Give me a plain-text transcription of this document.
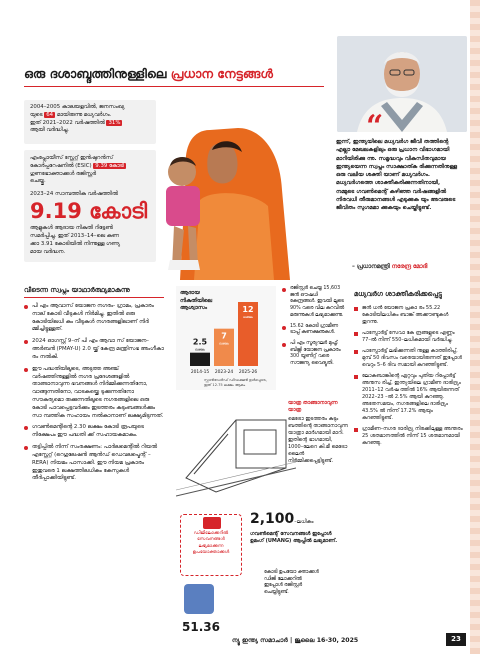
ഒരു ദശാബ്ദത്തിനുള്ളിലെ പ്രധാന നേട്ടങ്ങൾ
2004–2005 കാലയളവിൽ, ജനസംഖ്യ
യുടെ 64 മായിരുന്നു മധ്യവർഗം.
ഇത് 2021–2022 വർഷത്തിൽ 31%
ആയി വർദ്ധിച്ചു.
എംപ്ലോയീസ് സ്റ്റേറ്റ് ഇൻഷുറൻസ്
കോർപ്പറേഷനിൽ (ESIC) 9.39 കോടി
ഗുണഭോക്താക്കൾ രജിസ്റ്റർ
ചെയ്തു.
2023–24 സാമ്പത്തിക വർഷത്തിൽ
9.19 കോടി
ആളുകൾ ആദായ നികുതി റിട്ടേൺ
സമർപ്പിച്ചു. ഇത് 2013–14–ലെ കണ
ക്കാ 3.91 കോടിയിൽ നിന്നുള്ള ഗണ്യ
മായ വർദ്ധന.
“
ഇന്ന്, ഇന്ത്യയിലെ മധ്യവർഗ ജീവി തത്തിന്റെ എല്ലാ മേഖലകളിലും ഒരു പ്രധാന വിഭാഗമായി മാറിയിരിക്കു ന്നു. സമൃദ്ധവും വികസിതവുമായ ഇന്ത്യയെന്ന സ്വപ്നം സാക്ഷാത്ക രിക്കുന്നതിനുള്ള ഒരു വലിയ ശക്തി യാണ് മധ്യവർഗം. മധ്യവർഗത്തെ ശാക്തീകരിക്കുന്നതിനായി, നമ്മുടെ ഗവൺമെന്റ് കഴിഞ്ഞ വർഷങ്ങളിൽ നിരവധി തീരുമാനങ്ങൾ എടുക്കുക യും അവരുടെ ജീവിതം സുഗമമാ ക്കുകയും ചെയ്തിട്ടുണ്ട്.
– പ്രധാനമന്ത്രി നരേന്ദ്ര മോദി
വീടെന്ന സ്വപ്നം യാഥാർത്ഥ്യമാകുന്നു
പി എം ആവാസ് യോജന നഗരം- ഗ്രാമം, പ്രകാരം നാല് കോടി വീടുകൾ നിർമിച്ചു. ഇതിൽ ഒരു കോടിയിലധി കം വീടുകൾ നഗരങ്ങളിലാണ് നിർ മ്മിച്ചിട്ടുള്ളത്.
2024 ഓഗസ്റ്റ് 9–ന് പി എം ആവാ സ് യോജന–അർബൻ (PMAY-U) 2.0 യ്ക്ക് കേന്ദ്ര മന്ത്രിസഭ അംഗീകാ രം നൽകി.
ഈ പദ്ധതിയിലൂടെ, അടുത്ത അഞ്ച് വർഷത്തിനുള്ളിൽ നഗര പ്രദേശങ്ങളിൽ താങ്ങാനാവുന്ന ഭവനങ്ങൾ നിർമ്മിക്കുന്നതിനോ, വാങ്ങുന്നതിനോ, വാടകയ്ക്കെ ടുക്കുന്നതിനോ സൗകര്യമൊ രുക്കുന്നതിലൂടെ നഗരങ്ങളിലെ ഒരു കോടി പാവപ്പെട്ടവർക്കും ഇടത്തരം കുടുംബങ്ങൾക്കും സാ മ്പത്തിക സഹായം നൽകാനാണ് ലക്ഷ്യമിടുന്നത്.
ഗവൺമെന്റിന്റെ 2.30 ലക്ഷം കോടി രൂപയുടെ നിക്ഷേപം ഈ പദ്ധതി ക്ക് സഹായകമാകും.
തട്ടിപ്പിൽ നിന്ന് സംരക്ഷണം: പാർലമെന്റിൽ റിയൽ എസ്റ്റേറ്റ് (റെഗുലേഷൻ ആൻഡ് ഡെവലപ്മെന്റ് – RERA) നിയമം പാസാക്കി. ഈ നിയമ പ്രകാരം ഇതുവരെ 1 ലക്ഷത്തിലധികം കേസുകൾ തീർപ്പാക്കിയിട്ടുണ്ട്.
ആദായ നികുതിയിലെ ആശ്വാസം
2.5
ലക്ഷം
2014-15
7
ലക്ഷം
2023-24
12
ലക്ഷം
2025-26
സ്റ്റാൻഡേർഡ് ഡിഡക്ഷൻ ഉൾപ്പെടെ, ഇത് 12.75 ലക്ഷം ആകും
രജിസ്റ്റർ ചെയ്ത 15,603 ജൻ ഔഷധി കേന്ദ്രങ്ങൾ. ഇവയി ലൂടെ 90% വരെ വില കുറവിൽ മരുന്നുകൾ ലഭ്യമാക്കുന്നു.
15.62 കോടി ഗ്രാമീണ ടാപ്പ് കണക്ഷനുകൾ.
പി എം സൂര്യഘർ മുഫ്ത് ബിജ്ലി യോജന പ്രകാരം 300 യൂണിറ്റ് വരെ സൗജന്യ വൈദ്യുതി.
യാത്ര താങ്ങാനാവുന്ന യാത്ര
മെട്രോ ഇടത്തരം കുടും ബത്തിന്റെ താങ്ങാനാവുന്ന യാത്രാ മാർഗമായി മാറി. ഇതിന്റെ ഭാഗമായി, 1000–ലേറെ കി.മീ മെട്രോ ലൈൻ നിർമ്മിക്കപ്പെട്ടിട്ടുണ്ട്.
ഡിജിലോക്കറിൽ സേവനങ്ങൾ ലഭ്യമാക്കുന്ന ഉപയോക്താക്കൾ
2,100–ലധികം
ഗവൺമെന്റ് സേവനങ്ങൾ ഇപ്പോൾ ഉമംഗ് (UMANG) ആപ്പിൽ ലഭ്യമാണ്.
51.36
കോടി ഉപയോ ക്താക്കൾ ഡിജി ലോക്കറിൽ ഇപ്പോൾ രജിസ്റ്റർ ചെയ്തിട്ടുണ്ട്.
മധ്യവർഗ ശാക്തീകരിക്കപ്പെട്ടു
ജൻ ധൻ യോജന പ്രകാ രം 55.22 കോടിയിലധികം ബാങ്ക് അക്കൗണ്ടുകൾ തുറന്നു.
പാസ്പോർട്ട് സേവാ കേ ന്ദ്രങ്ങളുടെ എണ്ണം 77–ൽ നിന്ന് 550–ലധികമായി വർദ്ധിച്ചു.
പാസ്പോർട്ട് ലഭിക്കുന്നതി നുള്ള കാത്തിരിപ്പ്, മുമ്പ് 50 ദിവസം വരെയായിരുന്നത് ഇപ്പോൾ വെറും 5–6 ദിവ സമായി കുറഞ്ഞിട്ടുണ്ട്.
ലോകബാങ്കിന്റെ ഏറ്റവും പുതിയ റിപ്പോർട്ട് അനുസ രിച്ച്, ഇന്ത്യയിലെ ഗ്രാമീണ ദാരിദ്ര്യം 2011–12 വർഷ ത്തിൽ 16% ആയിരുന്നത് 2022–23 –ൽ 2.5% ആയി കുറഞ്ഞു. അതേസമയം, നഗരങ്ങളിലെ ദാരിദ്ര്യം 43.5% ൽ നിന്ന് 17.2% ആയും കുറഞ്ഞിട്ടുണ്ട്.
ഗ്രാമീണ–നഗര ദാരിദ്ര്യ നിരക്കിലുള്ള അന്തരം 25 ശതമാനത്തിൽ നിന്ന് 15 ശതമാനമായി കുറഞ്ഞു.
ന്യൂ ഇന്ത്യ സമാചാർ | ജൂലൈ 16-30, 2025	23
